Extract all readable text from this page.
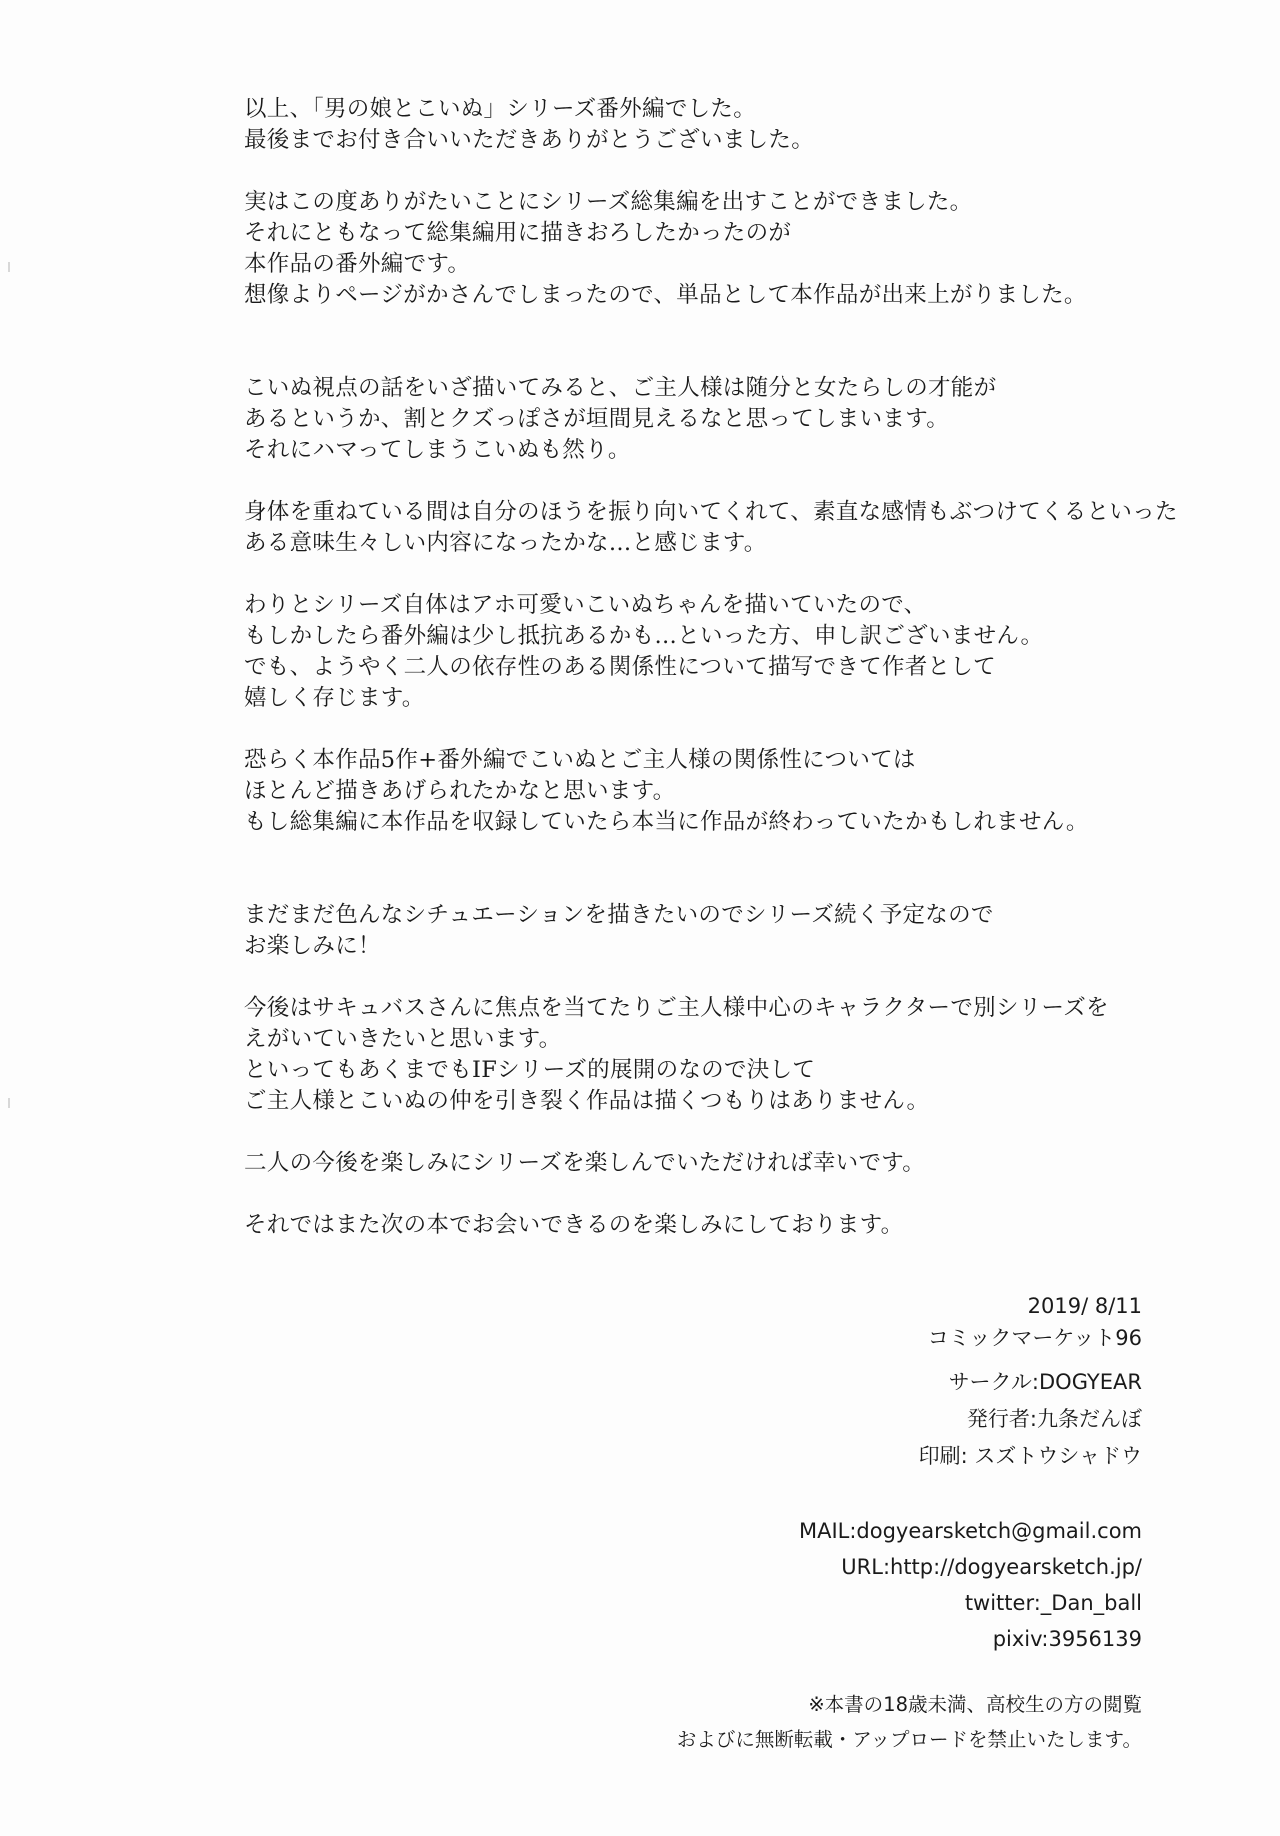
以上、「男の娘とこいぬ」シリーズ番外編でした。
最後までお付き合いいただきありがとうございました。

実はこの度ありがたいことにシリーズ総集編を出すことができました。
それにともなって総集編用に描きおろしたかったのが
本作品の番外編です。
想像よりページがかさんでしまったので、単品として本作品が出来上がりました。

こいぬ視点の話をいざ描いてみると、ご主人様は随分と女たらしの才能が
あるというか、割とクズっぽさが垣間見えるなと思ってしまいます。
それにハマってしまうこいぬも然り。

身体を重ねている間は自分のほうを振り向いてくれて、素直な感情もぶつけてくるといった
ある意味生々しい内容になったかな…と感じます。

わりとシリーズ自体はアホ可愛いこいぬちゃんを描いていたので、
もしかしたら番外編は少し抵抗あるかも…といった方、申し訳ございません。
でも、ようやく二人の依存性のある関係性について描写できて作者として
嬉しく存じます。

恐らく本作品5作+番外編でこいぬとご主人様の関係性については
ほとんど描きあげられたかなと思います。
もし総集編に本作品を収録していたら本当に作品が終わっていたかもしれません。

まだまだ色んなシチュエーションを描きたいのでシリーズ続く予定なので
お楽しみに！

今後はサキュバスさんに焦点を当てたりご主人様中心のキャラクターで別シリーズを
えがいていきたいと思います。
といってもあくまでもIFシリーズ的展開のなので決して
ご主人様とこいぬの仲を引き裂く作品は描くつもりはありません。

二人の今後を楽しみにシリーズを楽しんでいただければ幸いです。

それではまた次の本でお会いできるのを楽しみにしております。

2019/ 8/11
コミックマーケット96
サークル:DOGYEAR
発行者:九条だんぼ
印刷: スズトウシャドウ
MAIL:dogyearsketch@gmail.com
URL:http://dogyearsketch.jp/
twitter:_Dan_ball
pixiv:3956139
※本書の18歳未満、高校生の方の閲覧
およびに無断転載・アップロードを禁止いたします。
